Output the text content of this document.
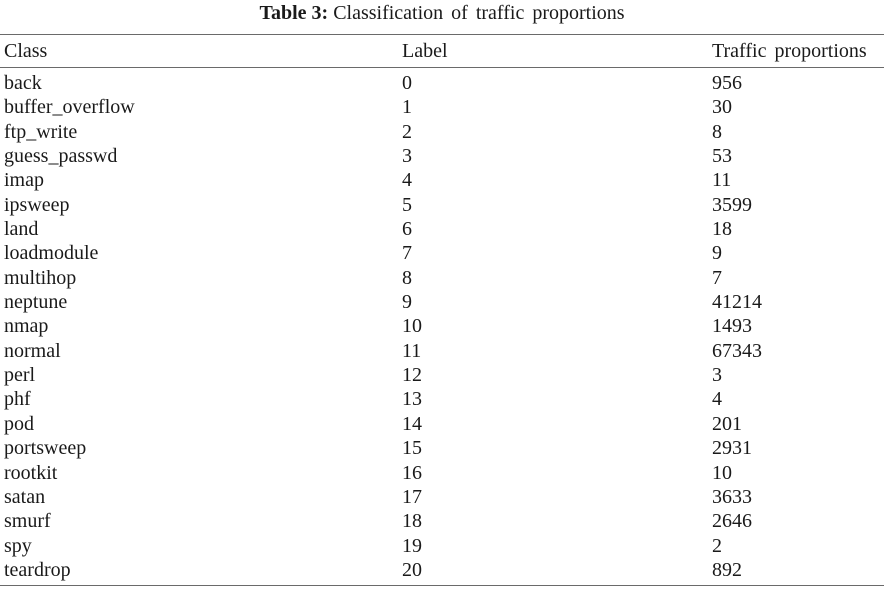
Table 3: Classification of traffic proportions
Class	Label	Traffic proportions
back	0	956
buffer_overflow	1	30
ftp_write	2	8
guess_passwd	3	53
imap	4	11
ipsweep	5	3599
land	6	18
loadmodule	7	9
multihop	8	7
neptune	9	41214
nmap	10	1493
normal	11	67343
perl	12	3
phf	13	4
pod	14	201
portsweep	15	2931
rootkit	16	10
satan	17	3633
smurf	18	2646
spy	19	2
teardrop	20	892
